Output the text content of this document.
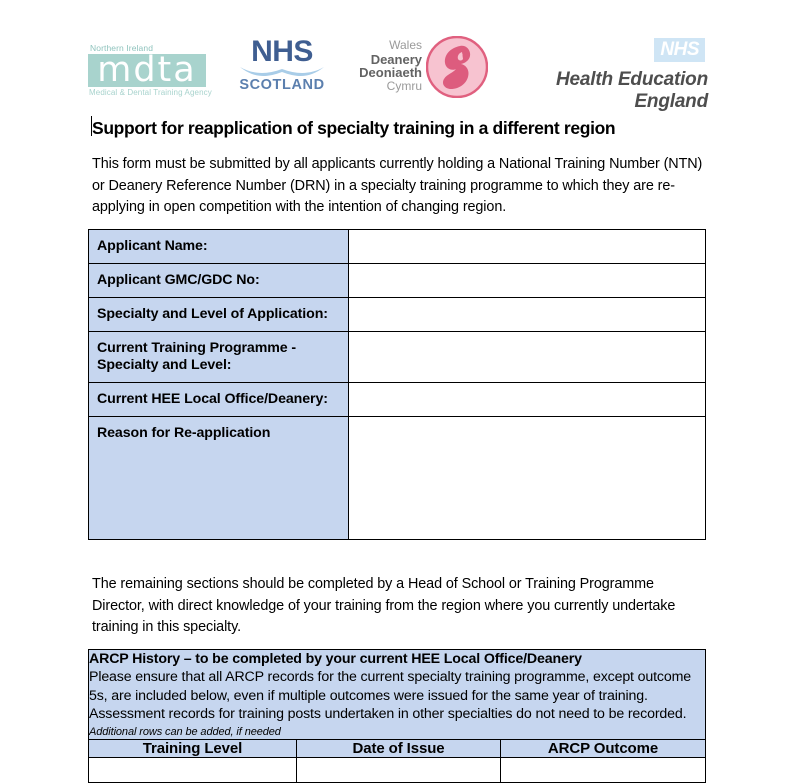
Northern Ireland
mdta
Medical & Dental Training Agency
NHS
SCOTLAND
Wales
Deanery
Deoniaeth
Cymru
NHS
Health Education England
Support for reapplication of specialty training in a different region
This form must be submitted by all applicants currently holding a National Training Number (NTN) or Deanery Reference Number (DRN) in a specialty training programme to which they are re-applying in open competition with the intention of changing region.
Applicant Name:	
Applicant GMC/GDC No:	
Specialty and Level of Application:	
Current Training Programme - Specialty and Level:	
Current HEE Local Office/Deanery:	
Reason for Re-application	
The remaining sections should be completed by a Head of School or Training Programme Director, with direct knowledge of your training from the region where you currently undertake training in this specialty.
ARCP History – to be completed by your current HEE Local Office/Deanery
Please ensure that all ARCP records for the current specialty training programme, except outcome 5s, are included below, even if multiple outcomes were issued for the same year of training. Assessment records for training posts undertaken in other specialties do not need to be recorded.
Additional rows can be added, if needed		

Training Level	Date of Issue	ARCP Outcome
